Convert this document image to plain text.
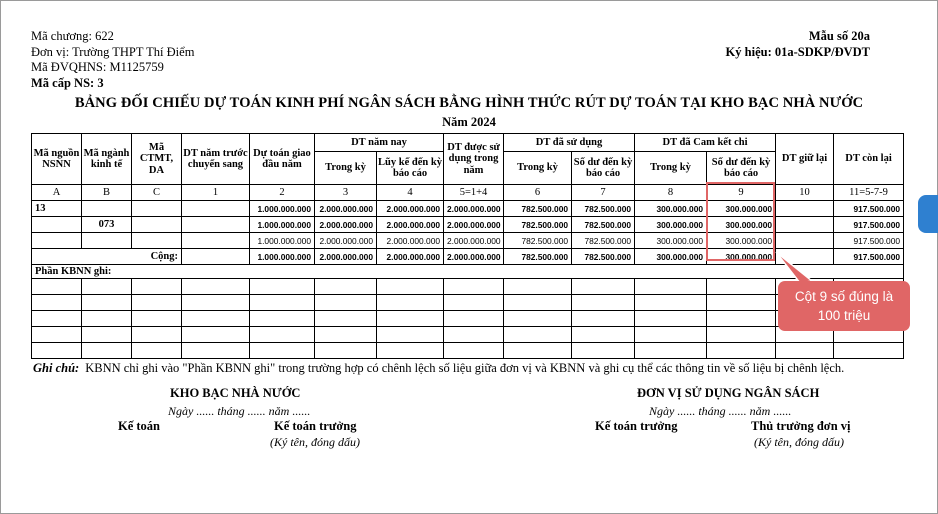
Mã chương: 622
Đơn vị: Trường THPT Thí Điểm
Mã ĐVQHNS: M1125759
Mã cấp NS: 3
Mẫu số 20a
Ký hiệu: 01a-SDKP/ĐVDT
BẢNG ĐỐI CHIẾU DỰ TOÁN KINH PHÍ NGÂN SÁCH BẰNG HÌNH THỨC RÚT DỰ TOÁN TẠI KHO BẠC NHÀ NƯỚC
Năm 2024
Mã nguồn NSNN	Mã ngành kinh tế	Mã CTMT, DA	DT năm trước chuyển sang	Dự toán giao đầu năm	DT năm nay		DT được sử dụng trong năm	DT đã sử dụng		DT đã Cam kết chi		DT giữ lại	DT còn lại
					Trong kỳ	Lũy kế đến kỳ báo cáo		Trong kỳ	Số dư đến kỳ báo cáo	Trong kỳ	Số dư đến kỳ báo cáo		
A	B	C	1	2	3	4	5=1+4	6	7	8	9	10	11=5-7-9
13				1.000.000.000	2.000.000.000	2.000.000.000	2.000.000.000	782.500.000	782.500.000	300.000.000	300.000.000		917.500.000
	073			1.000.000.000	2.000.000.000	2.000.000.000	2.000.000.000	782.500.000	782.500.000	300.000.000	300.000.000		917.500.000
				1.000.000.000	2.000.000.000	2.000.000.000	2.000.000.000	782.500.000	782.500.000	300.000.000	300.000.000		917.500.000
Cộng:				1.000.000.000	2.000.000.000	2.000.000.000	2.000.000.000	782.500.000	782.500.000	300.000.000	300.000.000		917.500.000
Phần KBNN ghi:													

Cột 9 số đúng là
100 triệu
Ghi chú: KBNN chỉ ghi vào "Phần KBNN ghi" trong trường hợp có chênh lệch số liệu giữa đơn vị và KBNN và ghi cụ thể các thông tin về số liệu bị chênh lệch.
KHO BẠC NHÀ NƯỚC
Ngày ...... tháng ...... năm ......
Kế toán	Kế toán trưởng
(Ký tên, đóng dấu)
ĐƠN VỊ SỬ DỤNG NGÂN SÁCH
Ngày ...... tháng ...... năm ......
Kế toán trưởng	Thủ trưởng đơn vị
(Ký tên, đóng dấu)
